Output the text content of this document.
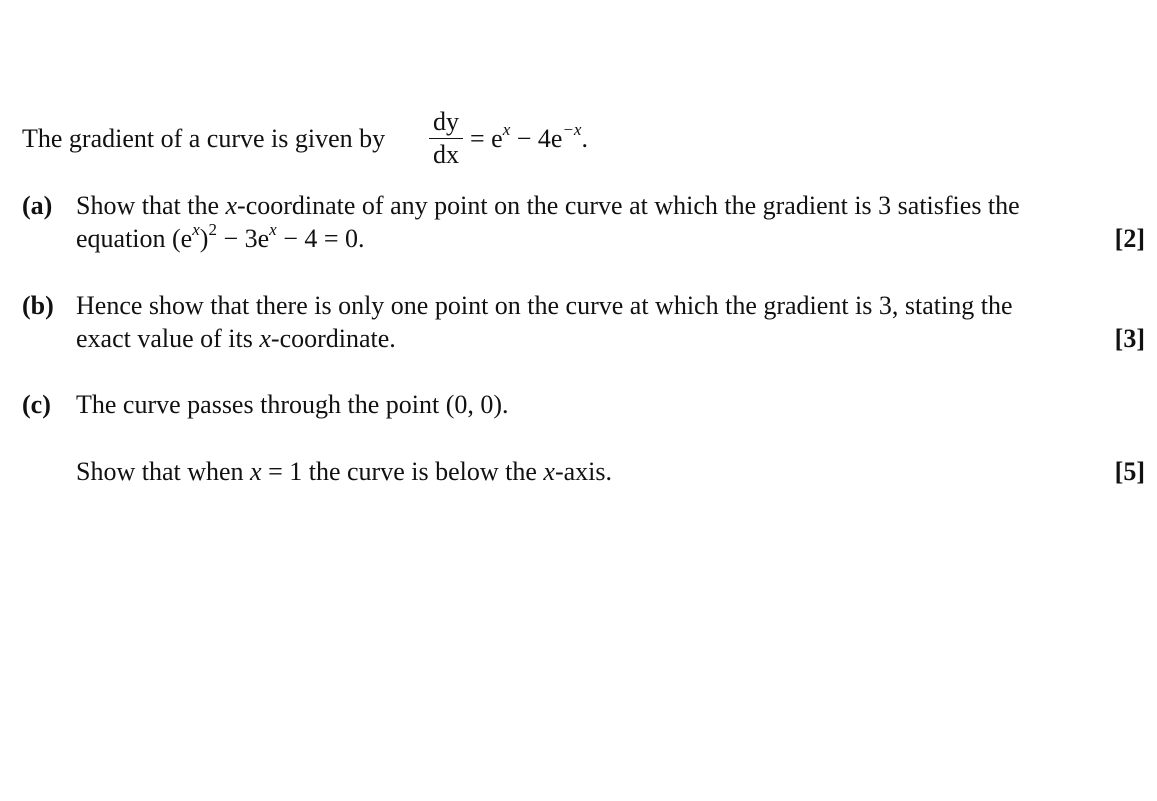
The gradient of a curve is given by
dy
dx
= $e^x - 4e^{-x}$.
(a) Show that the x-coordinate of any point on the curve at which the gradient is 3 satisfies the
equation $(e^x)^2 - 3e^x - 4 = 0$.	[2]
(b) Hence show that there is only one point on the curve at which the gradient is 3, stating the
exact value of its x-coordinate.	[3]
(c) The curve passes through the point (0, 0).
Show that when x = 1 the curve is below the x-axis.	[5]
